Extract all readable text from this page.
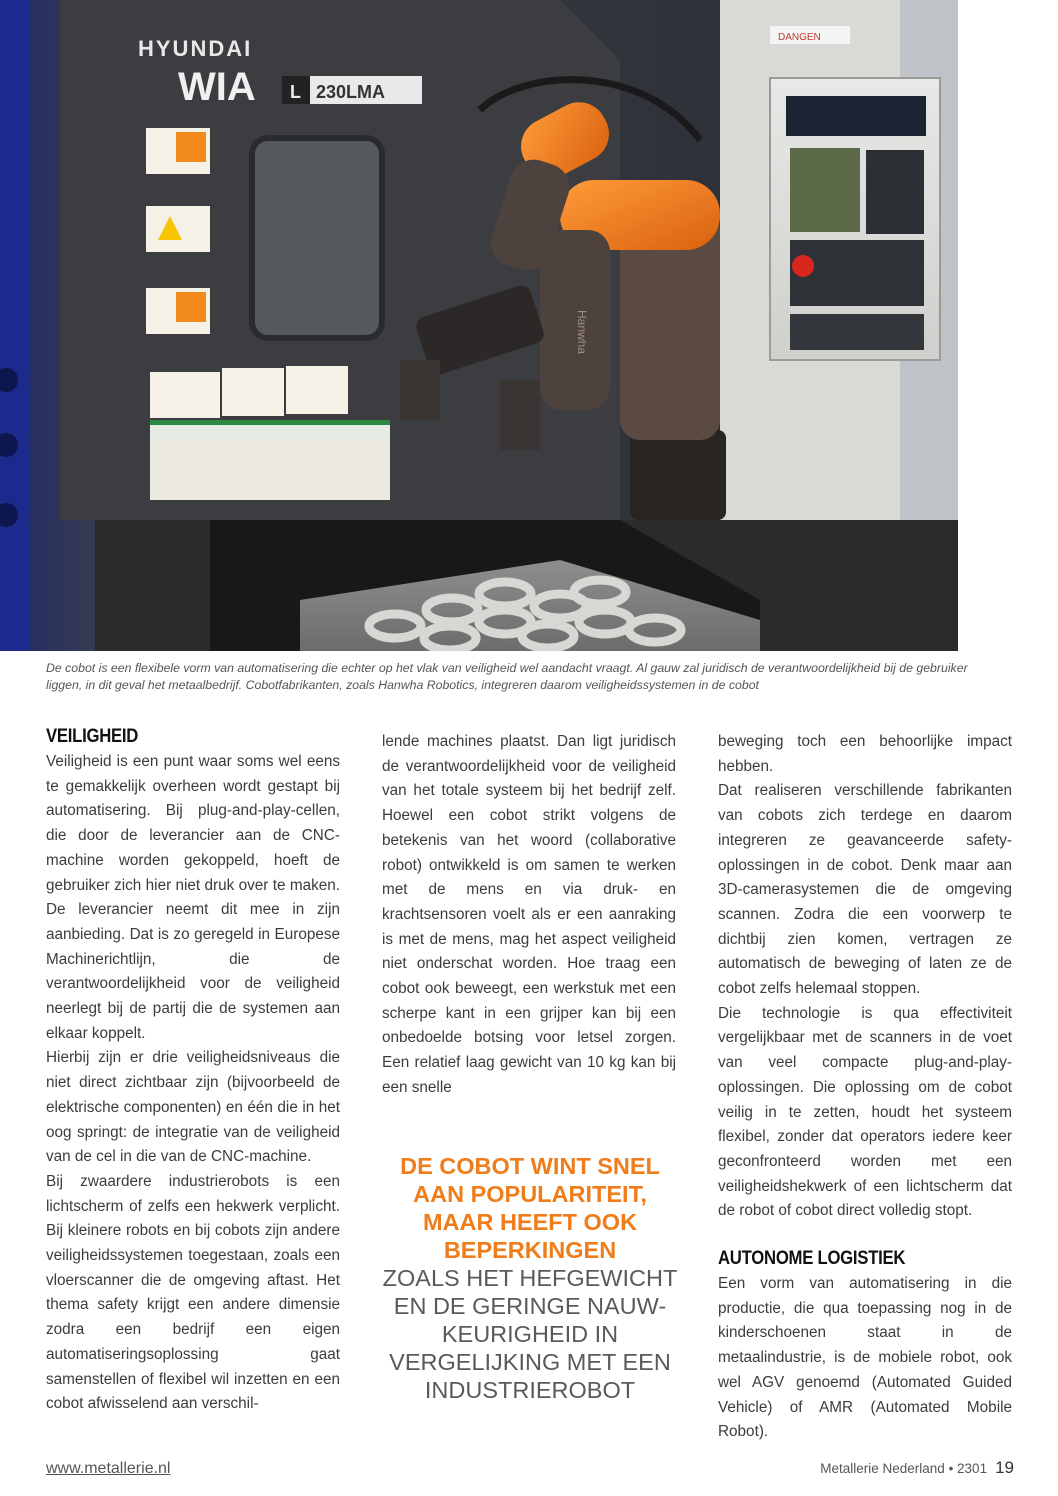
HYUNDAI
WIA L 230LMA
Hanwha
DANGEN

De cobot is een flexibele vorm van automatisering die echter op het vlak van veiligheid wel aandacht vraagt. Al gauw zal juridisch de verantwoordelijkheid bij de gebruiker liggen, in dit geval het metaalbedrijf. Cobotfabrikanten, zoals Hanwha Robotics, integreren daarom veiligheidssystemen in de cobot

VEILIGHEID

Veiligheid is een punt waar soms wel eens te gemakkelijk overheen wordt gestapt bij automatisering. Bij plug-and-play-cellen, die door de leverancier aan de CNC-machine worden gekoppeld, hoeft de gebruiker zich hier niet druk over te maken. De leverancier neemt dit mee in zijn aanbieding. Dat is zo geregeld in Europese Machinerichtlijn, die de verantwoordelijkheid voor de veiligheid neerlegt bij de partij die de systemen aan elkaar koppelt.

Hierbij zijn er drie veiligheidsniveaus die niet direct zichtbaar zijn (bijvoorbeeld de elektrische componenten) en één die in het oog springt: de integratie van de veiligheid van de cel in die van de CNC-machine.

Bij zwaardere industrierobots is een lichtscherm of zelfs een hekwerk verplicht. Bij kleinere robots en bij cobots zijn andere veiligheidssystemen toegestaan, zoals een vloerscanner die de omgeving aftast. Het thema safety krijgt een andere dimensie zodra een bedrijf een eigen automatiseringsoplossing gaat samenstellen of flexibel wil inzetten en een cobot afwisselend aan verschil-

lende machines plaatst. Dan ligt juridisch de verantwoordelijkheid voor de veiligheid van het totale systeem bij het bedrijf zelf. Hoewel een cobot strikt volgens de betekenis van het woord (collaborative robot) ontwikkeld is om samen te werken met de mens en via druk- en krachtsensoren voelt als er een aanraking is met de mens, mag het aspect veiligheid niet onderschat worden. Hoe traag een cobot ook beweegt, een werkstuk met een scherpe kant in een grijper kan bij een onbedoelde botsing voor letsel zorgen. Een relatief laag gewicht van 10 kg kan bij een snelle

DE COBOT WINT SNEL AAN POPULARITEIT, MAAR HEEFT OOK BEPERKINGEN

ZOALS HET HEFGEWICHT EN DE GERINGE NAUW-KEURIGHEID IN VERGELIJKING MET EEN INDUSTRIEROBOT

beweging toch een behoorlijke impact hebben.

Dat realiseren verschillende fabrikanten van cobots zich terdege en daarom integreren ze geavanceerde safety-oplossingen in de cobot. Denk maar aan 3D-camerasystemen die de omgeving scannen. Zodra die een voorwerp te dichtbij zien komen, vertragen ze automatisch de beweging of laten ze de cobot zelfs helemaal stoppen.

Die technologie is qua effectiviteit vergelijkbaar met de scanners in de voet van veel compacte plug-and-play-oplossingen. Die oplossing om de cobot veilig in te zetten, houdt het systeem flexibel, zonder dat operators iedere keer geconfronteerd worden met een veiligheidshekwerk of een lichtscherm dat de robot of cobot direct volledig stopt.

AUTONOME LOGISTIEK

Een vorm van automatisering in die productie, die qua toepassing nog in de kinderschoenen staat in de metaalindustrie, is de mobiele robot, ook wel AGV genoemd (Automated Guided Vehicle) of AMR (Automated Mobile Robot).

www.metallerie.nl	Metallerie Nederland • 2301 19
